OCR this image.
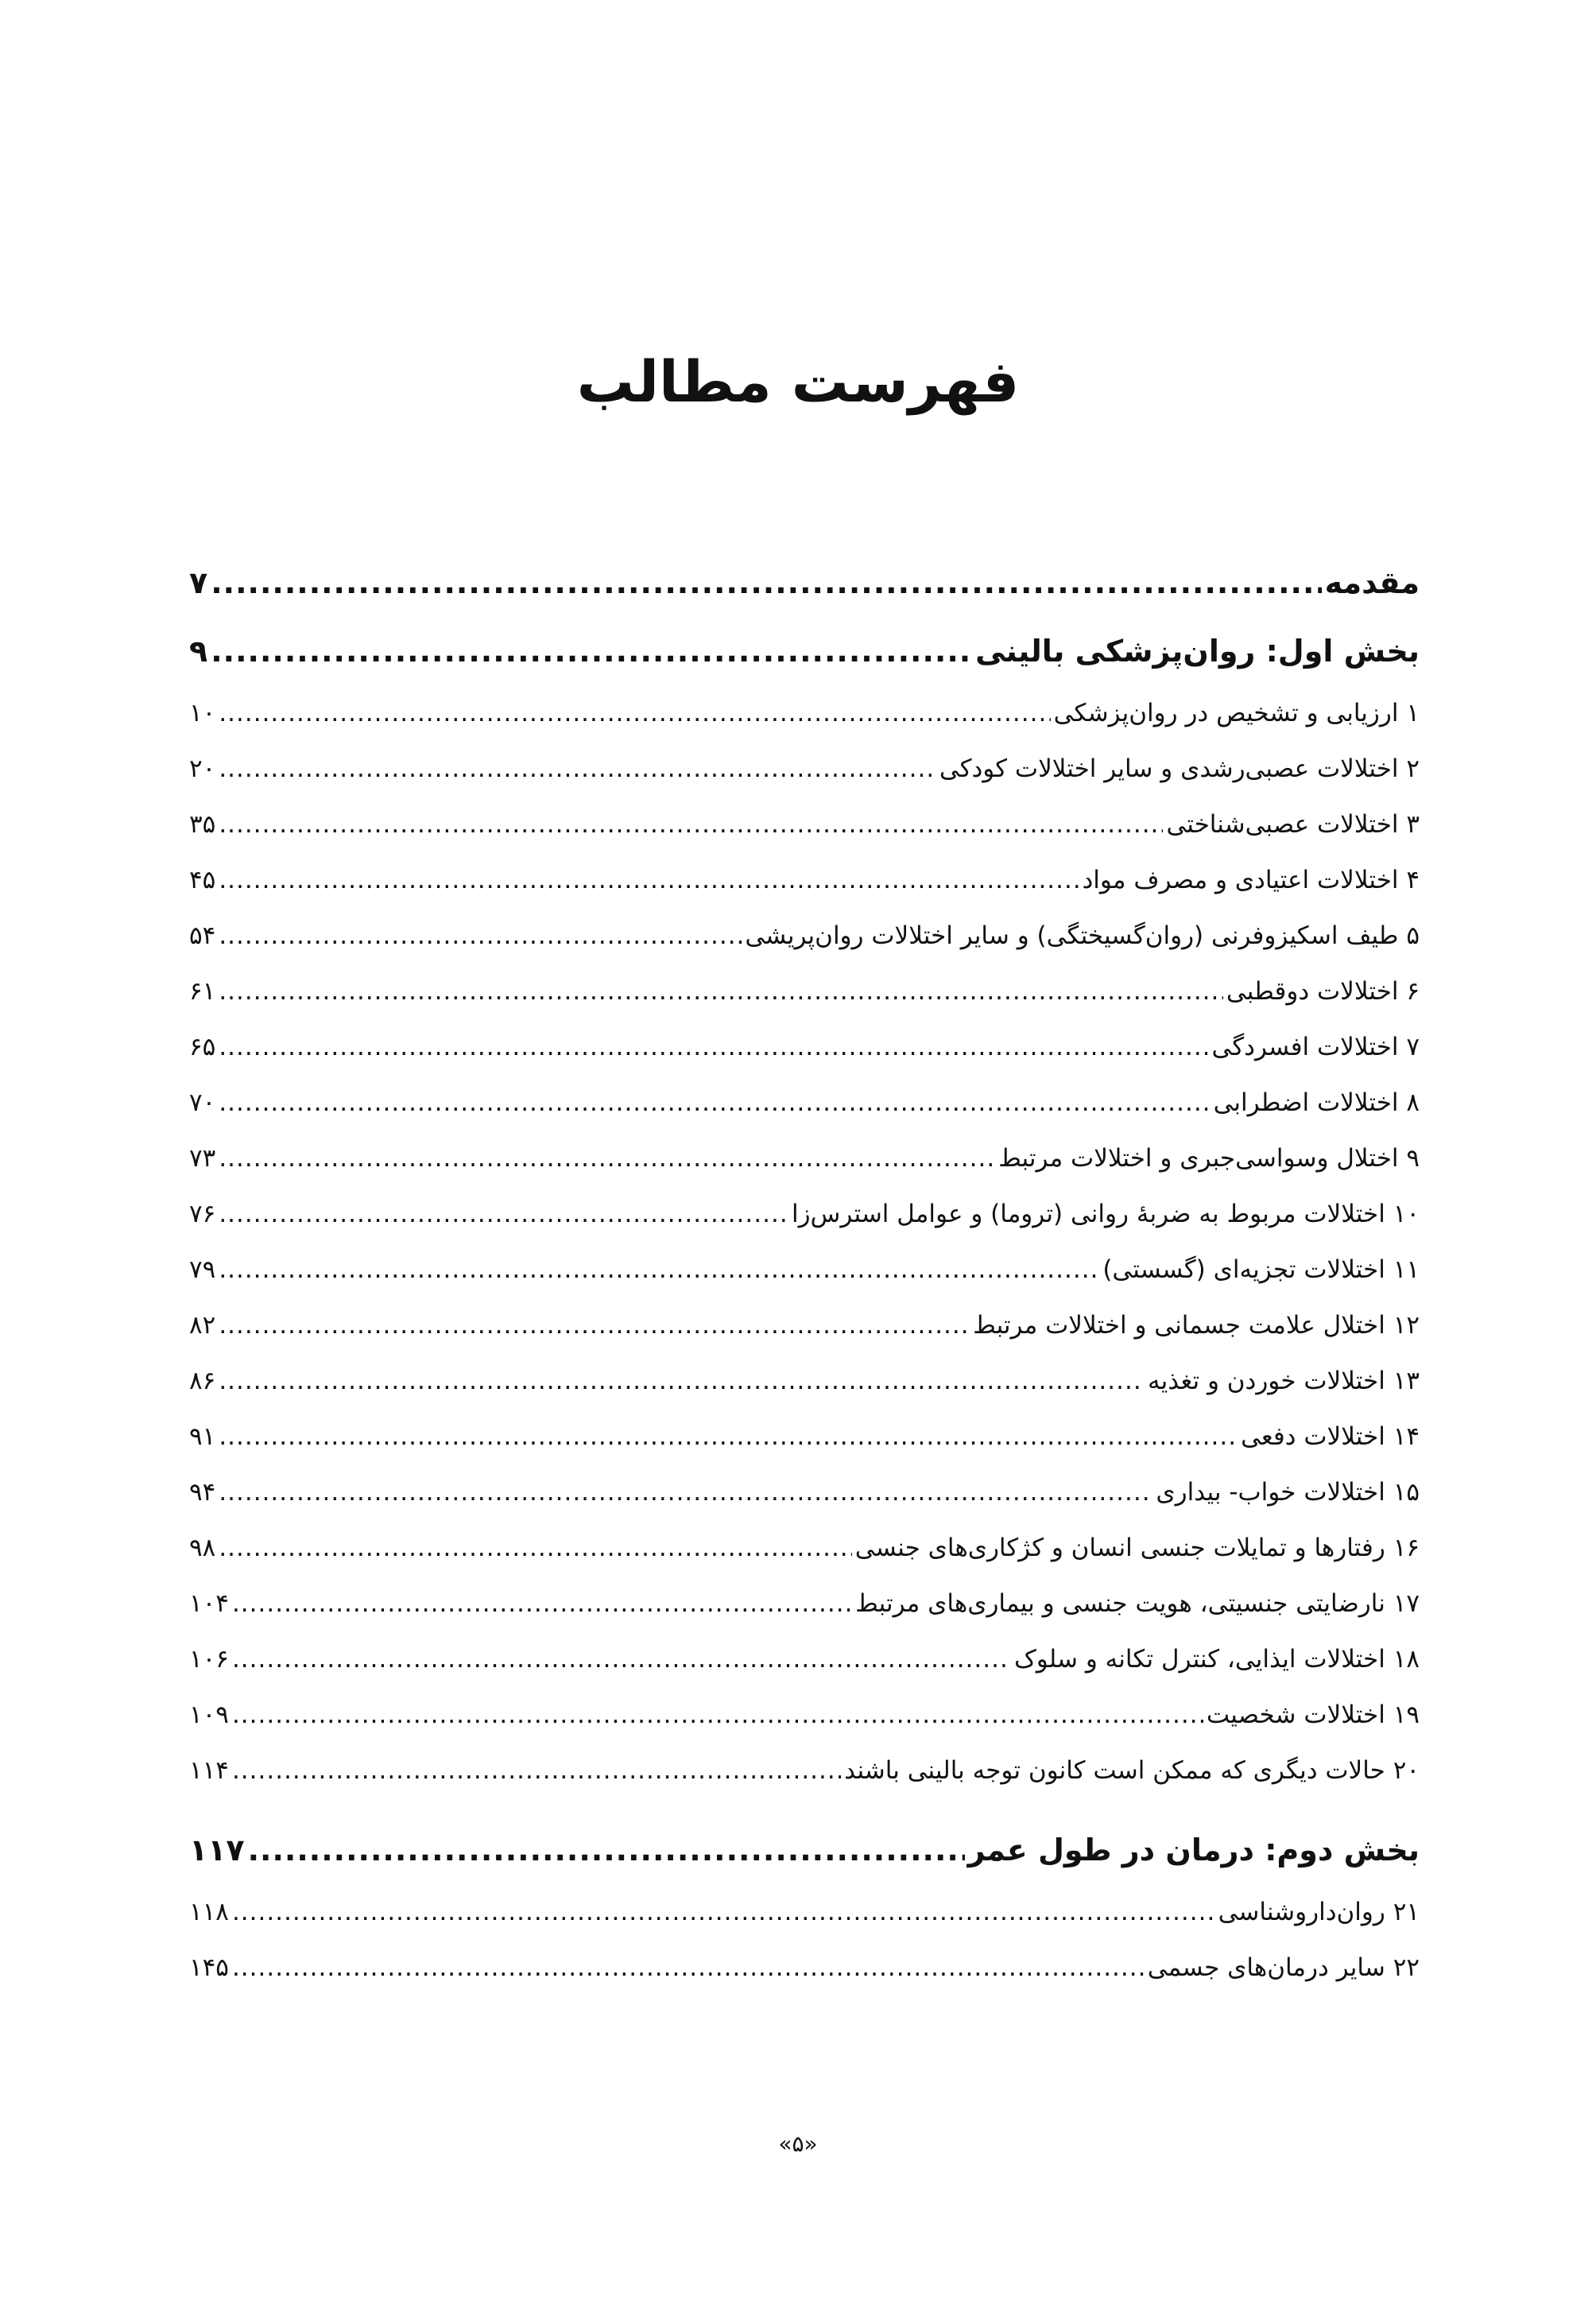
فهرست مطالب
مقدمه
.....
۷
بخش اول: روان‌پزشکی بالینی
.....
۹
۱ ارزیابی و تشخیص در روان‌پزشکی
.....
۱۰
۲ اختلالات عصبی‌رشدی و سایر اختلالات کودکی
.....
۲۰
۳ اختلالات عصبی‌شناختی
.....
۳۵
۴ اختلالات اعتیادی و مصرف مواد
.....
۴۵
۵ طیف اسکیزوفرنی (روان‌گسیختگی) و سایر اختلالات روان‌پریشی
.....
۵۴
۶ اختلالات دوقطبی
.....
۶۱
۷ اختلالات افسردگی
.....
۶۵
۸ اختلالات اضطرابی
.....
۷۰
۹ اختلال وسواسی‌جبری و اختلالات مرتبط
.....
۷۳
۱۰ اختلالات مربوط به ضربهٔ روانی (تروما) و عوامل استرس‌زا
.....
۷۶
۱۱ اختلالات تجزیه‌ای (گسستی)
.....
۷۹
۱۲ اختلال علامت جسمانی و اختلالات مرتبط
.....
۸۲
۱۳ اختلالات خوردن و تغذیه
.....
۸۶
۱۴ اختلالات دفعی
.....
۹۱
۱۵ اختلالات خواب- بیداری
.....
۹۴
۱۶ رفتارها و تمایلات جنسی انسان و کژکاری‌های جنسی
.....
۹۸
۱۷ نارضایتی جنسیتی، هویت جنسی و بیماری‌های مرتبط
.....
۱۰۴
۱۸ اختلالات ایذایی، کنترل تکانه و سلوک
.....
۱۰۶
۱۹ اختلالات شخصیت
.....
۱۰۹
۲۰ حالات دیگری که ممکن است کانون توجه بالینی باشند
.....
۱۱۴
بخش دوم: درمان در طول عمر
.....
۱۱۷
۲۱ روان‌داروشناسی
.....
۱۱۸
۲۲ سایر درمان‌های جسمی
.....
۱۴۵
«۵»
